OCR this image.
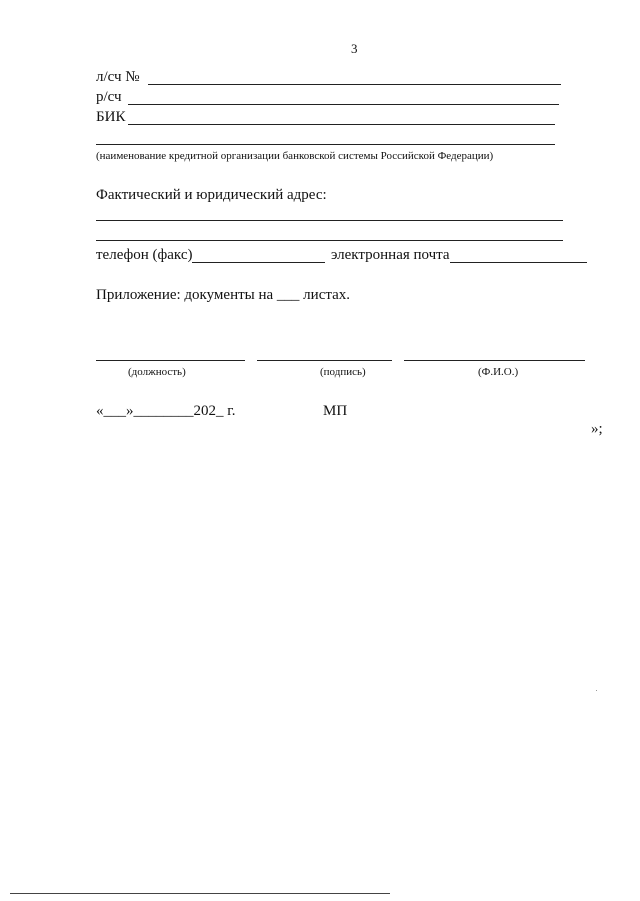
3
л/сч №
р/сч
БИК
(наименование кредитной организации банковской системы Российской Федерации)
Фактический и юридический адрес:
телефон (факс)	электронная почта
Приложение: документы на ___ листах.
(должность)	(подпись)	(Ф.И.О.)
«___»________202_ г.	МП
»;
